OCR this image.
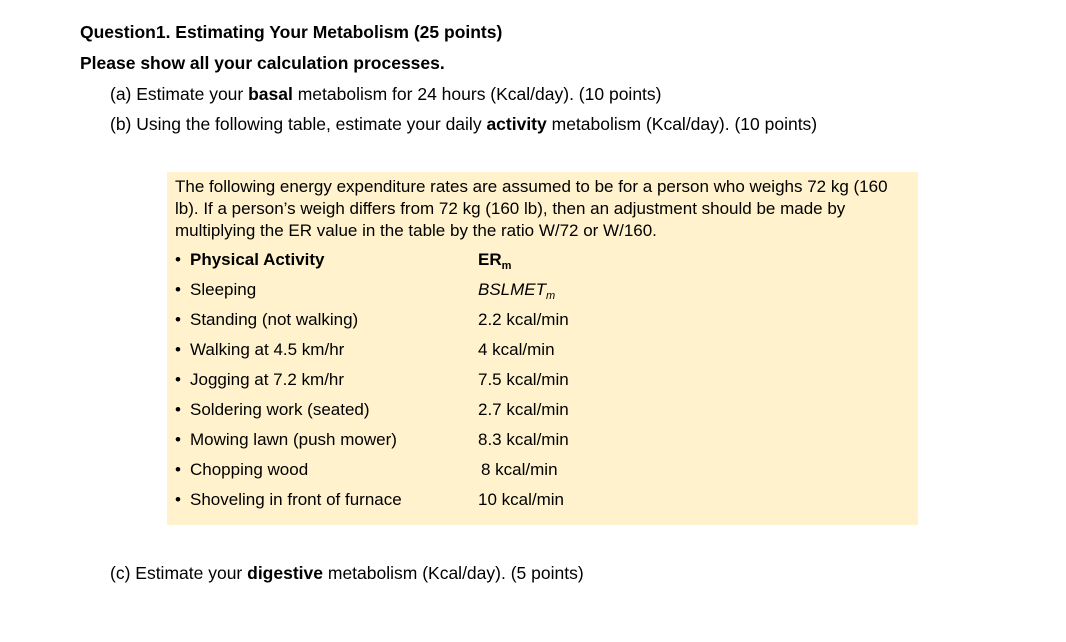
Question1. Estimating Your Metabolism (25 points)
Please show all your calculation processes.
(a) Estimate your basal metabolism for 24 hours (Kcal/day). (10 points)
(b) Using the following table, estimate your daily activity metabolism (Kcal/day). (10 points)
The following energy expenditure rates are assumed to be for a person who weighs 72 kg (160 lb). If a person’s weigh differs from 72 kg (160 lb), then an adjustment should be made by multiplying the ER value in the table by the ratio W/72 or W/160.
• Physical Activity	$ER_m$
• Sleeping	$BSLMET_m$
• Standing (not walking)	2.2 kcal/min
• Walking at 4.5 km/hr	4 kcal/min
• Jogging at 7.2 km/hr	7.5 kcal/min
• Soldering work (seated)	2.7 kcal/min
• Mowing lawn (push mower)	8.3 kcal/min
• Chopping wood	8 kcal/min
• Shoveling in front of furnace	10 kcal/min
(c) Estimate your digestive metabolism (Kcal/day). (5 points)
